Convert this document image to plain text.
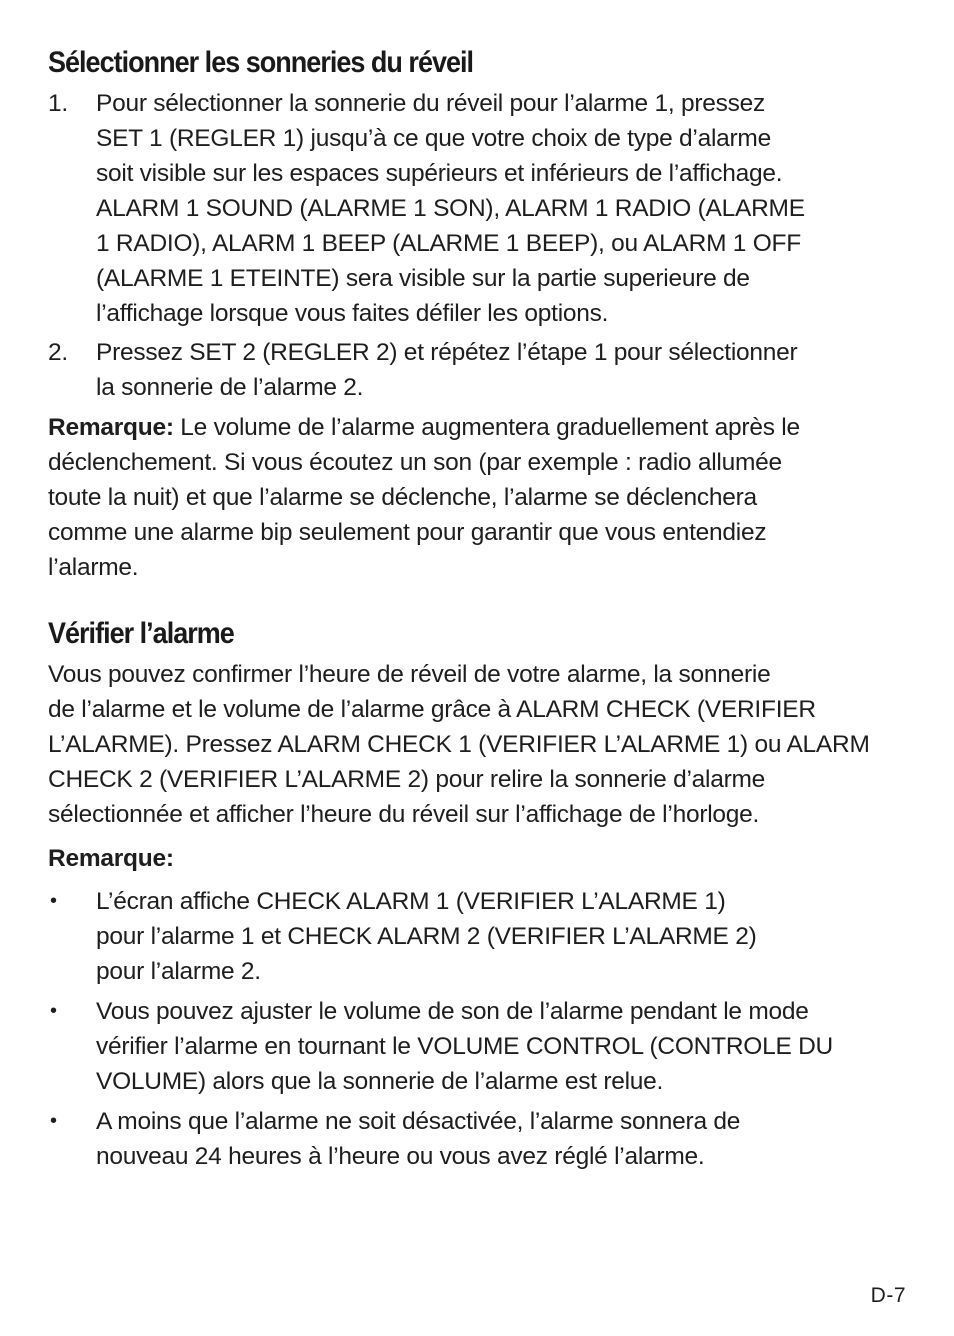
Sélectionner les sonneries du réveil
1. Pour sélectionner la sonnerie du réveil pour l’alarme 1, pressez
SET 1 (REGLER 1) jusqu’à ce que votre choix de type d’alarme
soit visible sur les espaces supérieurs et inférieurs de l’affichage.
ALARM 1 SOUND (ALARME 1 SON), ALARM 1 RADIO (ALARME
1 RADIO), ALARM 1 BEEP (ALARME 1 BEEP), ou ALARM 1 OFF
(ALARME 1 ETEINTE) sera visible sur la partie superieure de
l’affichage lorsque vous faites défiler les options.
2. Pressez SET 2 (REGLER 2) et répétez l’étape 1 pour sélectionner
la sonnerie de l’alarme 2.

Remarque: Le volume de l’alarme augmentera graduellement après le
déclenchement. Si vous écoutez un son (par exemple : radio allumée
toute la nuit) et que l’alarme se déclenche, l’alarme se déclenchera
comme une alarme bip seulement pour garantir que vous entendiez
l’alarme.

Vérifier l’alarme

Vous pouvez confirmer l’heure de réveil de votre alarme, la sonnerie
de l’alarme et le volume de l’alarme grâce à ALARM CHECK (VERIFIER
L’ALARME). Pressez ALARM CHECK 1 (VERIFIER L’ALARME 1) ou ALARM
CHECK 2 (VERIFIER L’ALARME 2) pour relire la sonnerie d’alarme
sélectionnée et afficher l’heure du réveil sur l’affichage de l’horloge.

Remarque:

• L’écran affiche CHECK ALARM 1 (VERIFIER L’ALARME 1)
pour l’alarme 1 et CHECK ALARM 2 (VERIFIER L’ALARME 2)
pour l’alarme 2.
• Vous pouvez ajuster le volume de son de l’alarme pendant le mode
vérifier l’alarme en tournant le VOLUME CONTROL (CONTROLE DU
VOLUME) alors que la sonnerie de l’alarme est relue.
• A moins que l’alarme ne soit désactivée, l’alarme sonnera de
nouveau 24 heures à l’heure ou vous avez réglé l’alarme.
D-7
